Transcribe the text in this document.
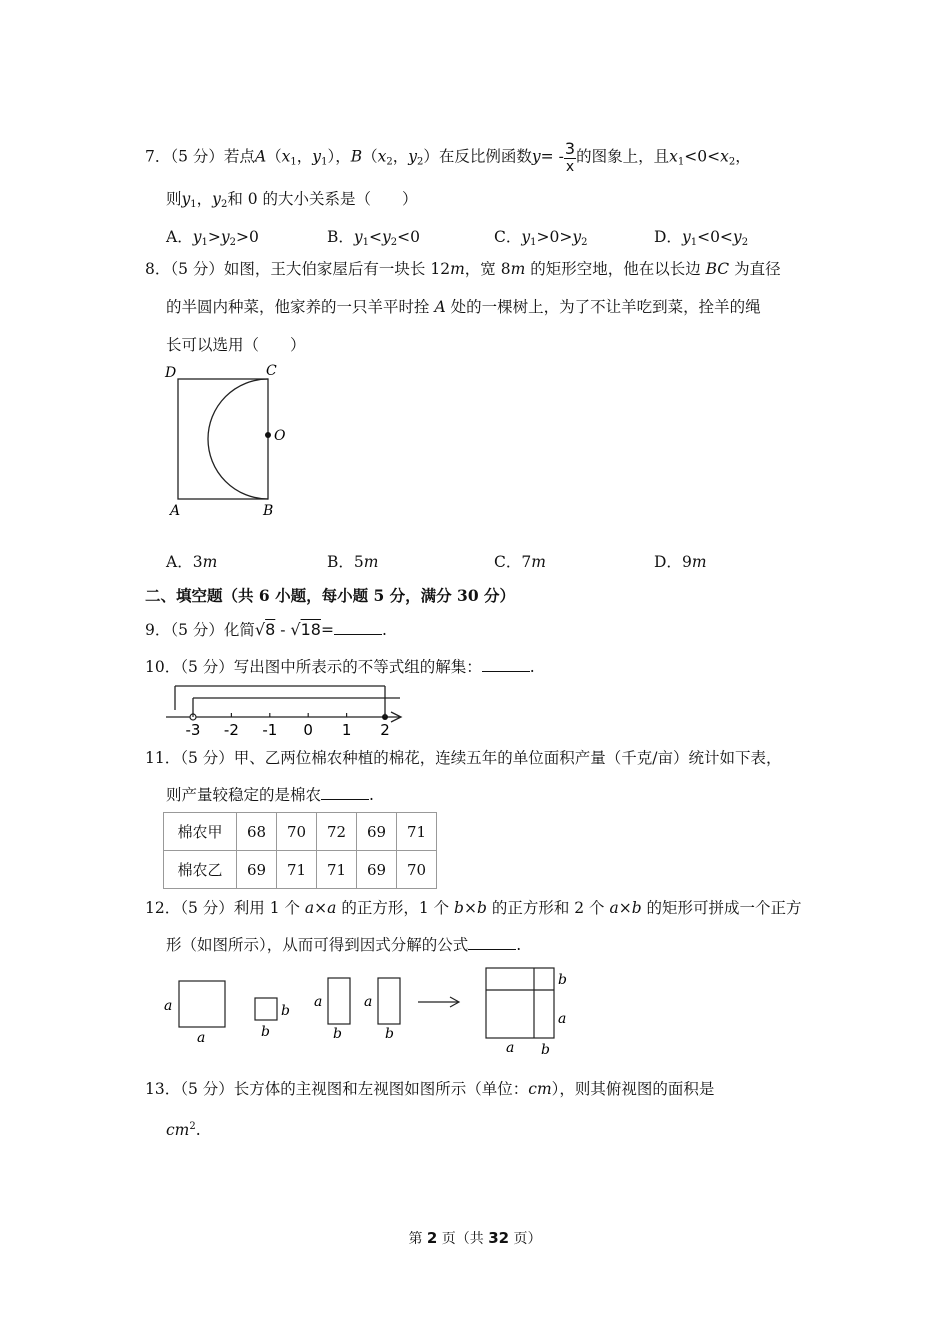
7．（5 分）若点$A(x_1$，$y_1$），$B(x_2$，$y_2$）在反比例函数$y= - \frac{3}{x}$ 的图象上，且$x_1<0<x_2$，
则$y_1$，$y_2$和 0 的大小关系是（　　）
A．$y_1>y_2>0$	B．$y_1<y_2<0$	C．$y_1>0>y_2$	D．$y_1<0<y_2$
8．（5 分）如图，王大伯家屋后有一块长 12m，宽 8m 的矩形空地，他在以长边 BC 为直径
的半圆内种菜，他家养的一只羊平时拴 A 处的一棵树上，为了不让羊吃到菜，拴羊的绳
长可以选用（　　）
D	C
O
A	B
A．3m	B．5m	C．7m	D．9m
二、填空题（共 6 小题，每小题 5 分，满分 30 分）
9．（5 分）化简√8 - √18=	.
10．（5 分）写出图中所表示的不等式组的解集：	.
-3 -2 -1 0 1 2
11．（5 分）甲、乙两位棉农种植的棉花，连续五年的单位面积产量（千克/亩）统计如下表，
则产量较稳定的是棉农	.
棉农甲	68	70	72	69	71
棉农乙	69	71	71	69	70
12．（5 分）利用 1 个 a×a 的正方形，1 个 b×b 的正方形和 2 个 a×b 的矩形可拼成一个正方
形（如图所示），从而可得到因式分解的公式	.
a
a
b
b
a
b
a
b
b
a
a b
13．（5 分）长方体的主视图和左视图如图所示（单位：cm），则其俯视图的面积是
$cm^2$.
第 2 页（共 32 页）
